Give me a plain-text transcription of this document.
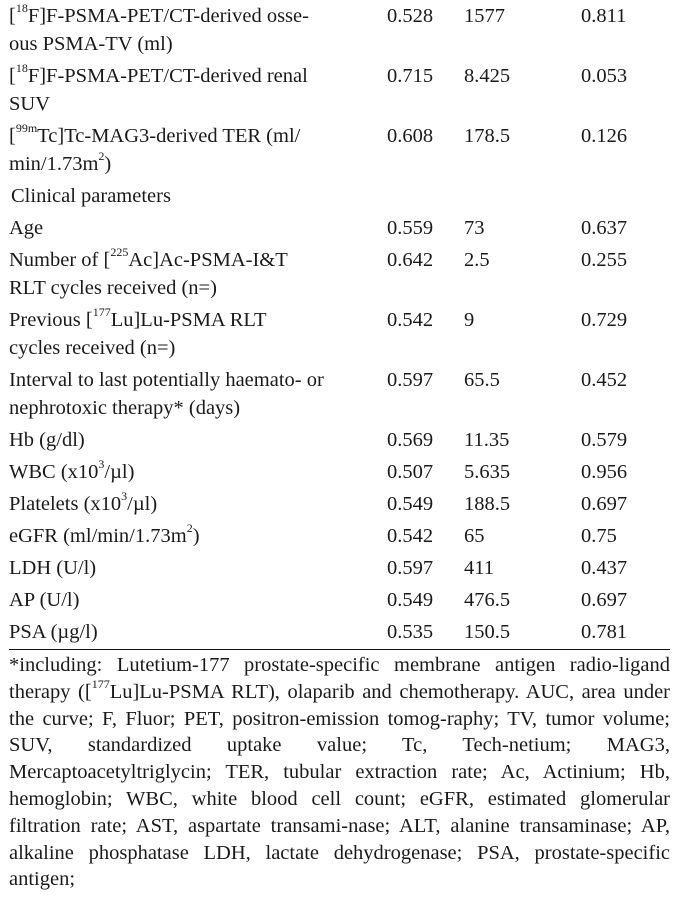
[$^{18}$F]F-PSMA-PET/CT-derived osse-
ous PSMA-TV (ml)	0.528	1577	0.811
[$^{18}$F]F-PSMA-PET/CT-derived renal
SUV	0.715	8.425	0.053
[$^{99m}$Tc]Tc-MAG3-derived TER (ml/
$\min/1.73m^2$)	0.608	178.5	0.126
Clinical parameters			
Age	0.559	73	0.637
Number of [$^{225}$Ac]Ac-PSMA-I&T
RLT cycles received (n=)	0.642	2.5	0.255
Previous [$^{177}$Lu]Lu-PSMA RLT
cycles received (n=)	0.542	9	0.729
Interval to last potentially haemato- or
nephrotoxic therapy* (days)	0.597	65.5	0.452
Hb (g/dl)	0.569	11.35	0.579
WBC $(x10^3/\mu l)$	0.507	5.635	0.956
Platelets $(x10^3/\mu l)$	0.549	188.5	0.697
eGFR $(ml/\min/1.73m^2)$	0.542	65	0.75
LDH (U/l)	0.597	411	0.437
AP (U/l)	0.549	476.5	0.697
PSA (µg/l)	0.535	150.5	0.781

*including: Lutetium-177 prostate-specific membrane antigen radio-ligand therapy ([$^{177}$Lu]Lu-PSMA RLT), olaparib and chemotherapy. AUC, area under the curve; F, Fluor; PET, positron-emission tomog-raphy; TV, tumor volume; SUV, standardized uptake value; Tc, Tech-netium; MAG3, Mercaptoacetyltriglycin; TER, tubular extraction rate; Ac, Actinium; Hb, hemoglobin; WBC, white blood cell count; eGFR, estimated glomerular filtration rate; AST, aspartate transami-nase; ALT, alanine transaminase; AP, alkaline phosphatase LDH, lactate dehydrogenase; PSA, prostate-specific antigen;
